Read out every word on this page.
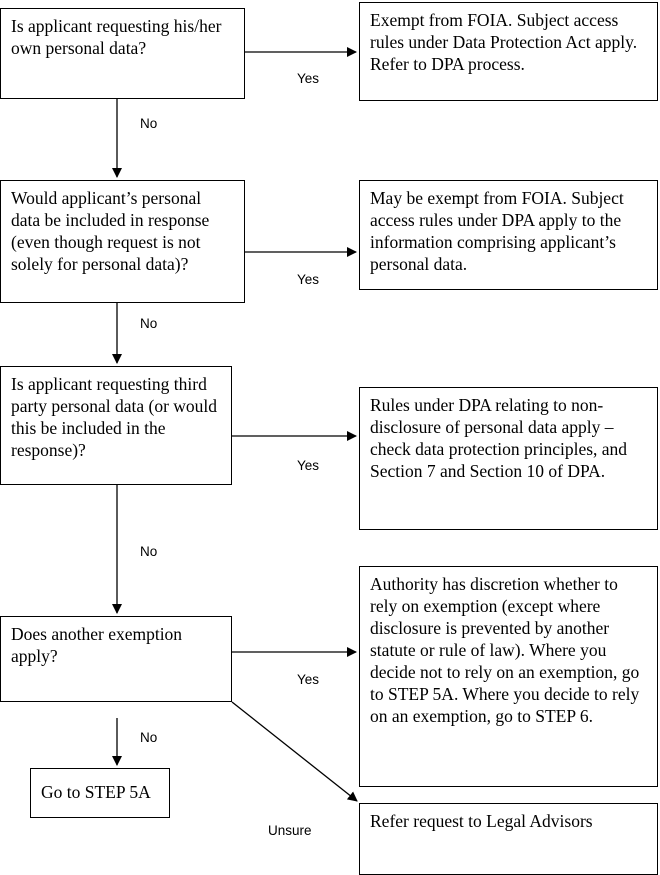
Is applicant requesting his/her own personal data?
Would applicant’s personal data be included in response (even though request is not solely for personal data)?
Is applicant requesting third party personal data (or would this be included in the response)?
Does another exemption apply?
Exempt from FOIA. Subject access rules under Data Protection Act apply. Refer to DPA process.
May be exempt from FOIA. Subject access rules under DPA apply to the information comprising applicant’s personal data.
Rules under DPA relating to non-disclosure of personal data apply – check data protection principles, and Section 7 and Section 10 of DPA.
Authority has discretion whether to rely on exemption (except where disclosure is prevented by another statute or rule of law). Where you decide not to rely on an exemption, go to STEP 5A. Where you decide to rely on an exemption, go to STEP 6.
Go to STEP 5A
Refer request to Legal Advisors
Yes
No
Yes
No
Yes
No
Yes
No
Unsure
